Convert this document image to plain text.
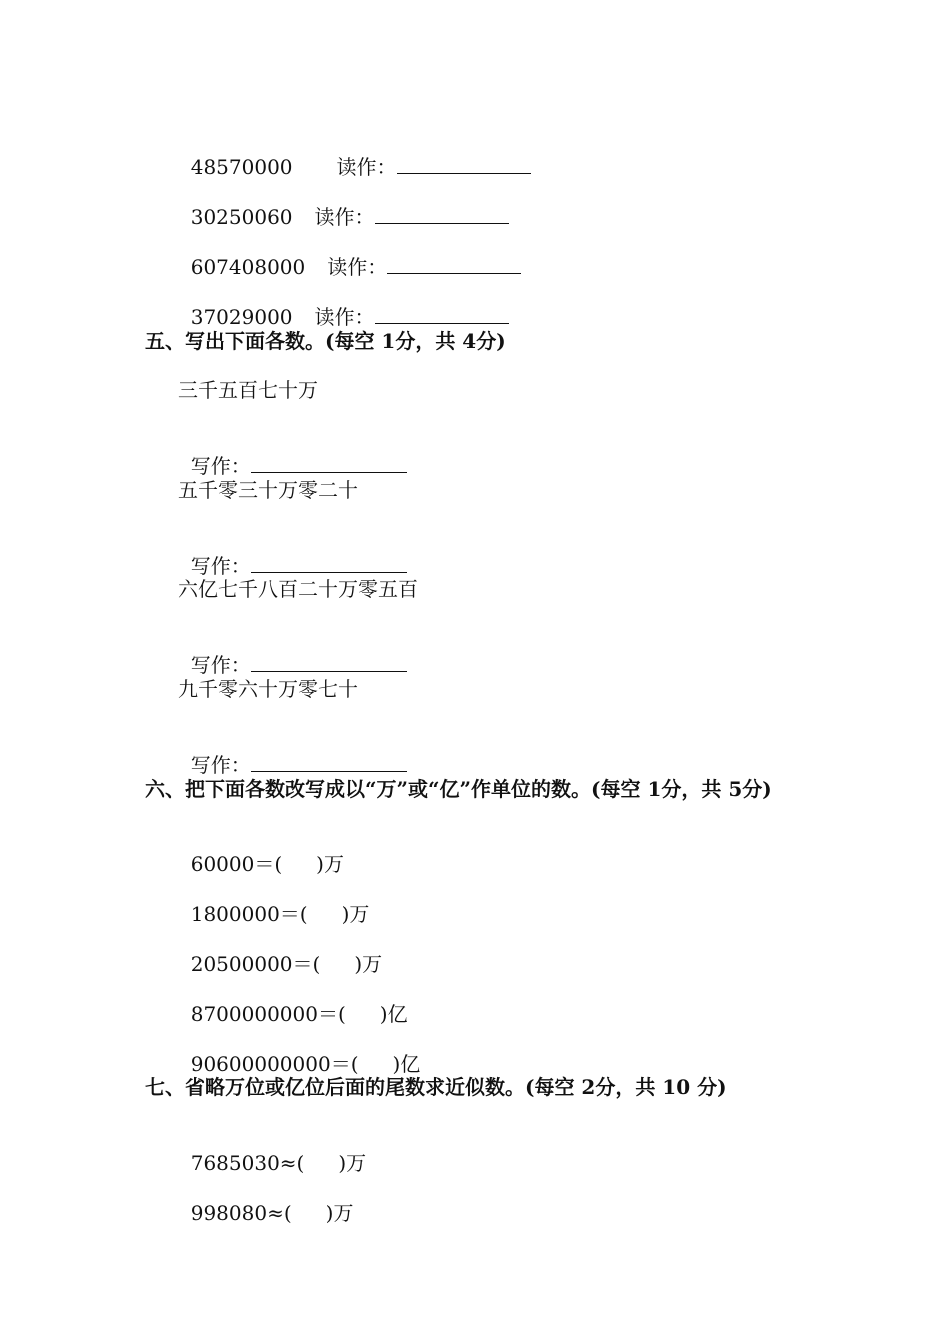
48570000 读作：

30250060 读作：

607408000 读作：

37029000 读作：

五、写出下面各数。(每空 1分，共 4分)
三千五百七十万

写作：

五千零三十万零二十

写作：

六亿七千八百二十万零五百

写作：

九千零六十万零七十

写作：

六、把下面各数改写成以“万”或“亿”作单位的数。(每空 1分，共 5分)

60000＝( )万

1800000＝( )万

20500000＝( )万

8700000000＝( )亿

90600000000＝( )亿

七、省略万位或亿位后面的尾数求近似数。(每空 2分，共 10 分)

7685030≈( )万

998080≈( )万
